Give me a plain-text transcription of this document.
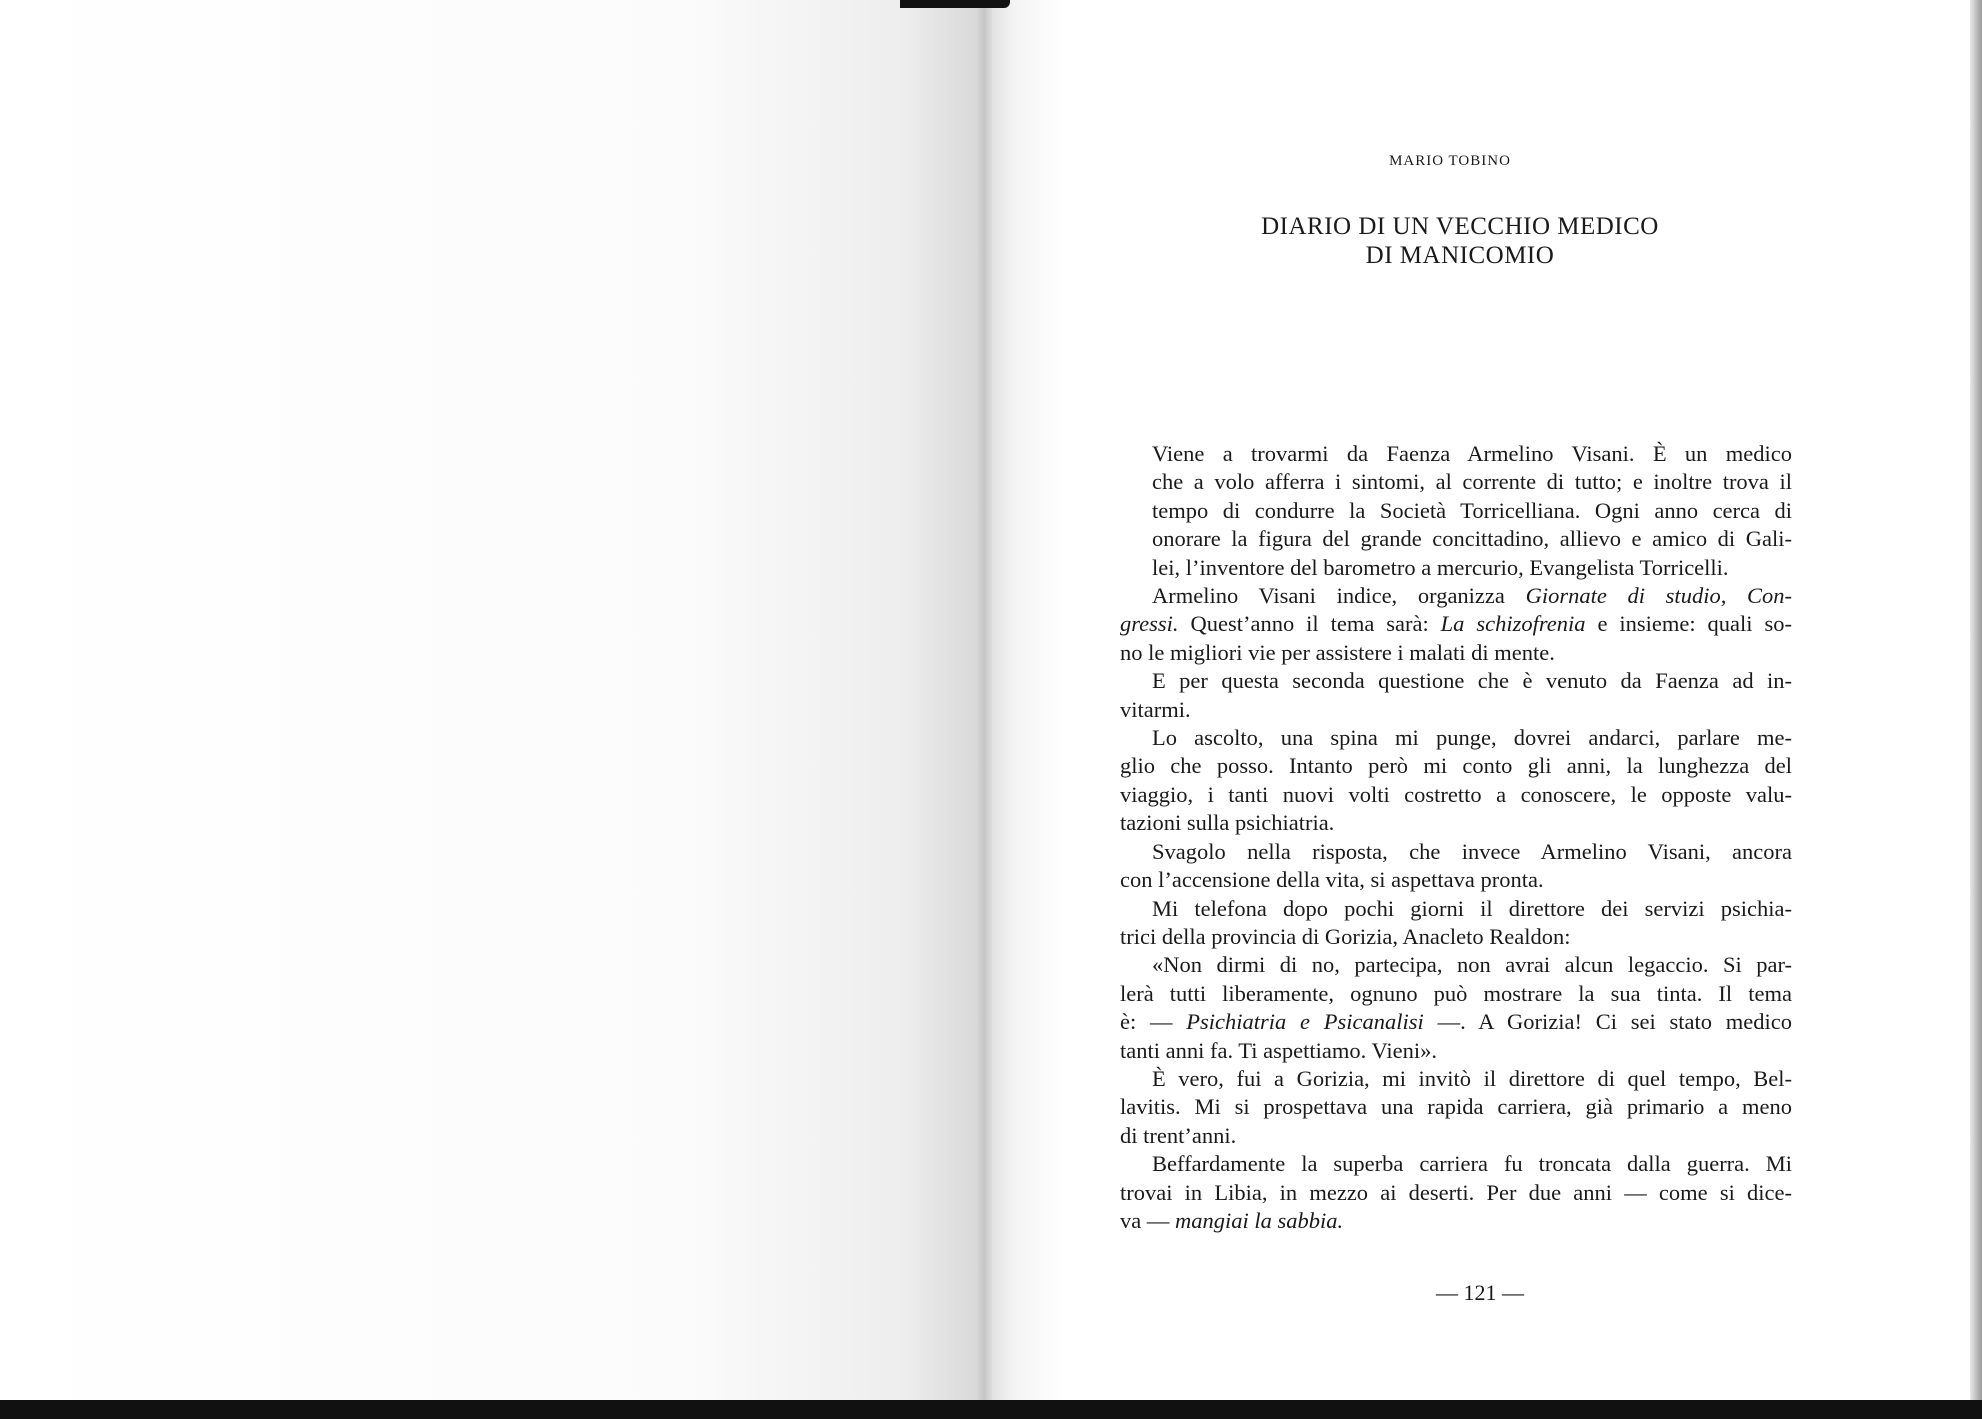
MARIO TOBINO
DIARIO DI UN VECCHIO MEDICO
DI MANICOMIO

Viene a trovarmi da Faenza Armelino Visani. È un medico
che a volo afferra i sintomi, al corrente di tutto; e inoltre trova il
tempo di condurre la Società Torricelliana. Ogni anno cerca di
onorare la figura del grande concittadino, allievo e amico di Gali-
lei, l’inventore del barometro a mercurio, Evangelista Torricelli.

Armelino Visani indice, organizza Giornate di studio, Con-
gressi. Quest’anno il tema sarà: La schizofrenia e insieme: quali so-
no le migliori vie per assistere i malati di mente.

E per questa seconda questione che è venuto da Faenza ad in-
vitarmi.

Lo ascolto, una spina mi punge, dovrei andarci, parlare me-
glio che posso. Intanto però mi conto gli anni, la lunghezza del
viaggio, i tanti nuovi volti costretto a conoscere, le opposte valu-
tazioni sulla psichiatria.

Svagolo nella risposta, che invece Armelino Visani, ancora
con l’accensione della vita, si aspettava pronta.

Mi telefona dopo pochi giorni il direttore dei servizi psichia-
trici della provincia di Gorizia, Anacleto Realdon:

«Non dirmi di no, partecipa, non avrai alcun legaccio. Si par-
lerà tutti liberamente, ognuno può mostrare la sua tinta. Il tema
è: — Psichiatria e Psicanalisi —. A Gorizia! Ci sei stato medico
tanti anni fa. Ti aspettiamo. Vieni».

È vero, fui a Gorizia, mi invitò il direttore di quel tempo, Bel-
lavitis. Mi si prospettava una rapida carriera, già primario a meno
di trent’anni.

Beffardamente la superba carriera fu troncata dalla guerra. Mi
trovai in Libia, in mezzo ai deserti. Per due anni — come si dice-
va — mangiai la sabbia.

— 121 —
